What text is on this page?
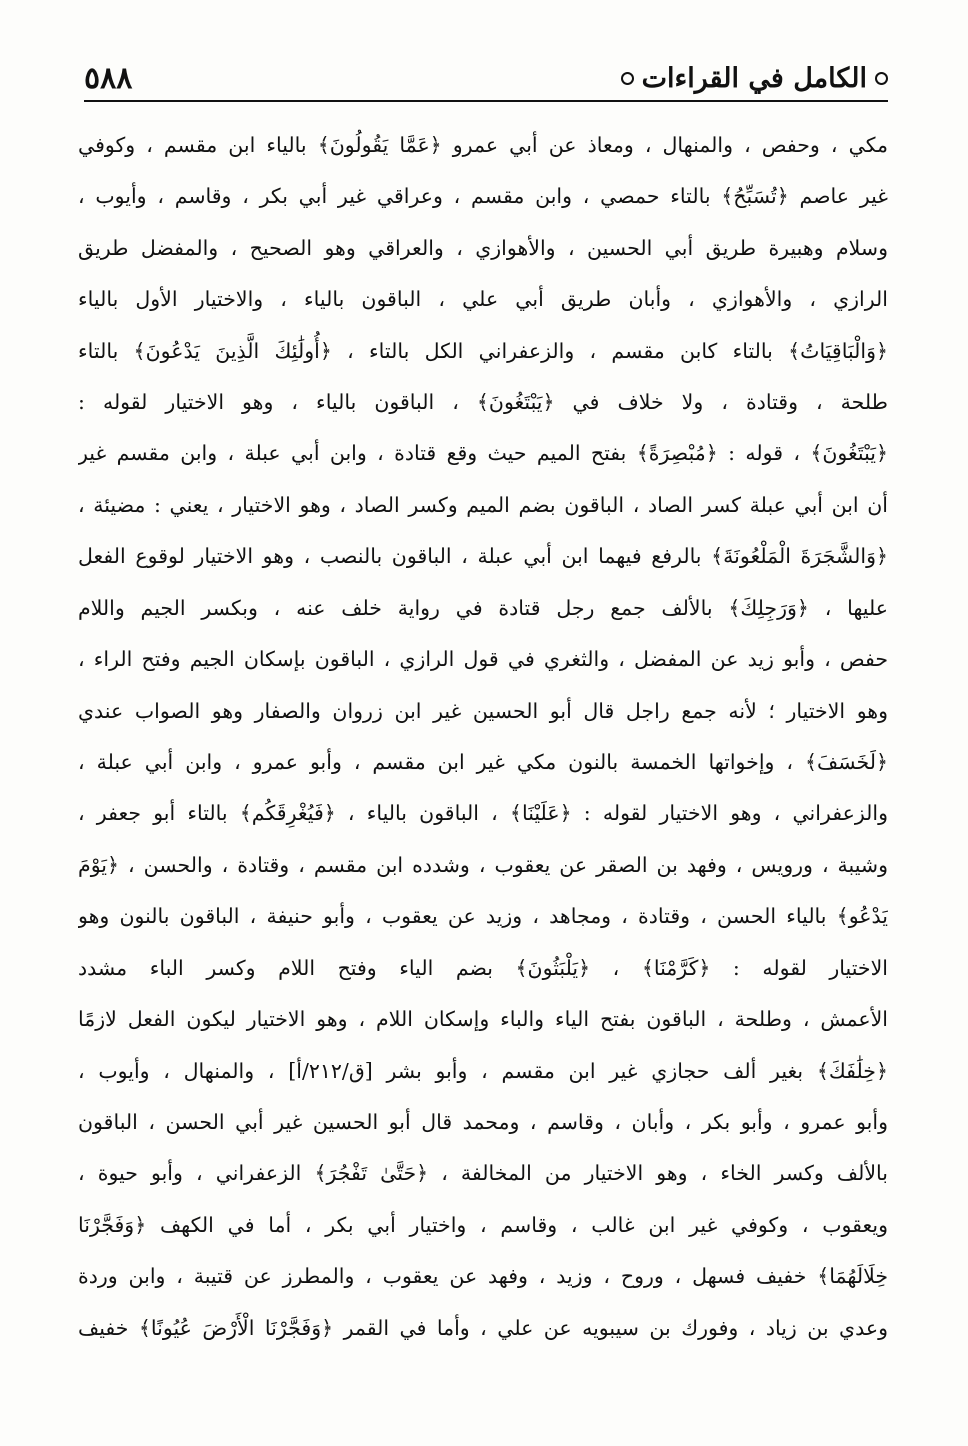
الكامل في القراءات
٥٨٨
مكي ، وحفص ، والمنهال ، ومعاذ عن أبي عمرو ﴿عَمَّا يَقُولُونَ﴾ بالياء ابن مقسم ، وكوفي
غير عاصم ﴿تُسَبِّحُ﴾ بالتاء حمصي ، وابن مقسم ، وعراقي غير أبي بكر ، وقاسم ، وأيوب ،
وسلام وهبيرة طريق أبي الحسين ، والأهوازي ، والعراقي وهو الصحيح ، والمفضل طريق
الرازي ، والأهوازي ، وأبان طريق أبي علي ، الباقون بالياء ، والاختيار الأول بالياء
﴿وَالْبَاقِيَاتُ﴾ بالتاء كابن مقسم ، والزعفراني الكل بالتاء ، ﴿أُولَٰئِكَ الَّذِينَ يَدْعُونَ﴾ بالتاء
طلحة ، وقتادة ، ولا خلاف في ﴿يَبْتَغُونَ﴾ ، الباقون بالياء ، وهو الاختيار لقوله :
﴿يَبْتَغُونَ﴾ ، قوله : ﴿مُبْصِرَةً﴾ بفتح الميم حيث وقع قتادة ، وابن أبي عبلة ، وابن مقسم غير
أن ابن أبي عبلة كسر الصاد ، الباقون بضم الميم وكسر الصاد ، وهو الاختيار ، يعني : مضيئة ،
﴿وَالشَّجَرَةَ الْمَلْعُونَةَ﴾ بالرفع فيهما ابن أبي عبلة ، الباقون بالنصب ، وهو الاختيار لوقوع الفعل
عليها ، ﴿وَرَجِلِكَ﴾ بالألف جمع رجل قتادة في رواية خلف عنه ، وبكسر الجيم واللام
حفص ، وأبو زيد عن المفضل ، والثغري في قول الرازي ، الباقون بإسكان الجيم وفتح الراء ،
وهو الاختيار ؛ لأنه جمع راجل قال أبو الحسين غير ابن زروان والصفار وهو الصواب عندي
﴿لَخَسَفَ﴾ ، وإخواتها الخمسة بالنون مكي غير ابن مقسم ، وأبو عمرو ، وابن أبي عبلة ،
والزعفراني ، وهو الاختيار لقوله : ﴿عَلَيْنَا﴾ ، الباقون بالياء ، ﴿فَيُغْرِقَكُم﴾ بالتاء أبو جعفر ،
وشيبة ، ورويس ، وفهد بن الصقر عن يعقوب ، وشدده ابن مقسم ، وقتادة ، والحسن ، ﴿يَوْمَ
يَدْعُو﴾ بالياء الحسن ، وقتادة ، ومجاهد ، وزيد عن يعقوب ، وأبو حنيفة ، الباقون بالنون وهو
الاختيار لقوله : ﴿كَرَّمْنَا﴾ ، ﴿يَلْبَثُونَ﴾ بضم الياء وفتح اللام وكسر الباء مشدد
الأعمش ، وطلحة ، الباقون بفتح الياء والباء وإسكان اللام ، وهو الاختيار ليكون الفعل لازمًا
﴿خِلَٰفَكَ﴾ بغير ألف حجازي غير ابن مقسم ، وأبو بشر [ق/٢١٢/أ] ، والمنهال ، وأيوب ،
وأبو عمرو ، وأبو بكر ، وأبان ، وقاسم ، ومحمد قال أبو الحسين غير أبي الحسن ، الباقون
بالألف وكسر الخاء ، وهو الاختيار من المخالفة ، ﴿حَتَّىٰ تَفْجُرَ﴾ الزعفراني ، وأبو حيوة ،
ويعقوب ، وكوفي غير ابن غالب ، وقاسم ، واختيار أبي بكر ، أما في الكهف ﴿وَفَجَّرْنَا
خِلَالَهُمَا﴾ خفيف فسهل ، وروح ، وزيد ، وفهد عن يعقوب ، والمطرز عن قتيبة ، وابن وردة
وعدي بن زياد ، وفورك بن سيبويه عن علي ، وأما في القمر ﴿وَفَجَّرْنَا الْأَرْضَ عُيُونًا﴾ خفيف
